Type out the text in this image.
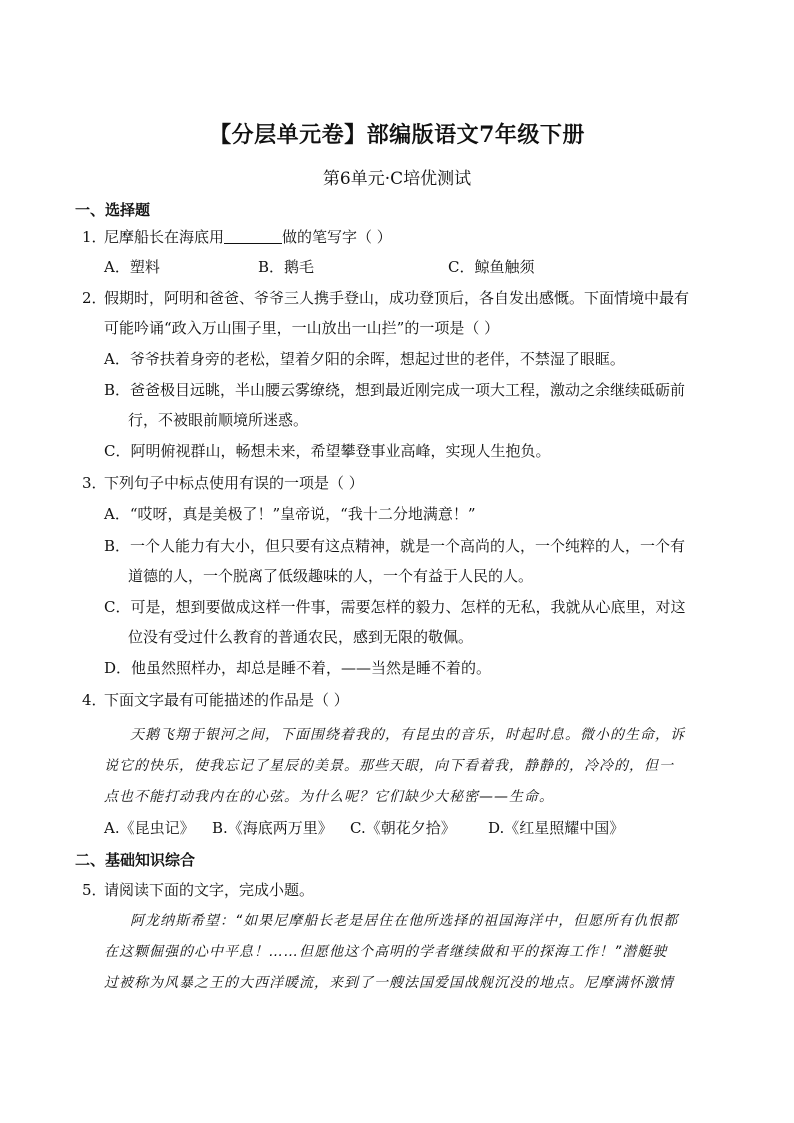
【分层单元卷】部编版语文7年级下册
第6单元·C培优测试
一、选择题
1．尼摩船长在海底用	做的笔写字（ ）
A．塑料	B．鹅毛	C．鲸鱼触须
2．假期时，阿明和爸爸、爷爷三人携手登山，成功登顶后，各自发出感慨。下面情境中最有
可能吟诵“政入万山围子里，一山放出一山拦”的一项是（ ）
A．爷爷扶着身旁的老松，望着夕阳的余晖，想起过世的老伴，不禁湿了眼眶。
B．爸爸极目远眺，半山腰云雾缭绕，想到最近刚完成一项大工程，激动之余继续砥砺前
行，不被眼前顺境所迷惑。
C．阿明俯视群山，畅想未来，希望攀登事业高峰，实现人生抱负。
3．下列句子中标点使用有误的一项是（ ）
A．“哎呀，真是美极了！”皇帝说，“我十二分地满意！”
B．一个人能力有大小，但只要有这点精神，就是一个高尚的人，一个纯粹的人，一个有
道德的人，一个脱离了低级趣味的人，一个有益于人民的人。
C．可是，想到要做成这样一件事，需要怎样的毅力、怎样的无私，我就从心底里，对这
位没有受过什么教育的普通农民，感到无限的敬佩。
D．他虽然照样办，却总是睡不着，——当然是睡不着的。
4．下面文字最有可能描述的作品是（ ）
天鹅飞翔于银河之间，下面围绕着我的，有昆虫的音乐，时起时息。微小的生命，诉
说它的快乐，使我忘记了星辰的美景。那些天眼，向下看着我，静静的，冷冷的，但一
点也不能打动我内在的心弦。为什么呢？它们缺少大秘密——生命。
A.《昆虫记》 B.《海底两万里》 C.《朝花夕拾》 D.《红星照耀中国》
二、基础知识综合
5．请阅读下面的文字，完成小题。
阿龙纳斯希望：“如果尼摩船长老是居住在他所选择的祖国海洋中，但愿所有仇恨都
在这颗倔强的心中平息！……但愿他这个高明的学者继续做和平的探海工作！”潜艇驶
过被称为风暴之王的大西洋暖流，来到了一艘法国爱国战舰沉没的地点。尼摩满怀激情
